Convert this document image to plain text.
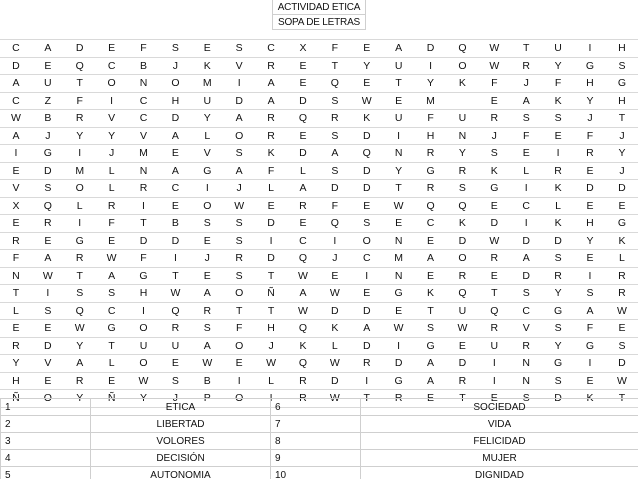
ACTIVIDAD ETICA
SOPA DE LETRAS
C	A	D	E	F	S	E	S	C	X	F	E	A	D	Q	W	T	U	I	H
D	E	Q	C	B	J	K	V	R	E	T	Y	U	I	O	W	R	Y	G	S
A	U	T	O	N	O	M	I	A	E	Q	E	T	Y	K	F	J	F	H	G
C	Z	F	I	C	H	U	D	A	D	S	W	E	M		E	A	K	Y	H
W	B	R	V	C	D	Y	A	R	Q	R	K	U	F	U	R	S	S	J	T
A	J	Y	Y	V	A	L	O	R	E	S	D	I	H	N	J	F	E	F	J
I	G	I	J	M	E	V	S	K	D	A	Q	N	R	Y	S	E	I	R	Y
E	D	M	L	N	A	G	A	F	L	S	D	Y	G	R	K	L	R	E	J
V	S	O	L	R	C	I	J	L	A	D	D	T	R	S	G	I	K	D	D
X	Q	L	R	I	E	O	W	E	R	F	E	W	Q	Q	E	C	L	E	E
E	R	I	F	T	B	S	S	D	E	Q	S	E	C	K	D	I	K	H	G
R	E	G	E	D	D	E	S	I	C	I	O	N	E	D	W	D	D	Y	K
F	A	R	W	F	I	J	R	D	Q	J	C	M	A	O	R	A	S	E	L
N	W	T	A	G	T	E	S	T	W	E	I	N	E	R	E	D	R	I	R
T	I	S	S	H	W	A	O	Ñ	A	W	E	G	K	Q	T	S	Y	S	R
L	S	Q	C	I	Q	R	T	T	W	D	D	E	T	U	Q	C	G	A	W
E	E	W	G	O	R	S	F	H	Q	K	A	W	S	W	R	V	S	F	E
R	D	Y	T	U	U	A	O	J	K	L	D	I	G	E	U	R	Y	G	S
Y	V	A	L	O	E	W	E	W	Q	W	R	D	A	D	I	N	G	I	D
H	E	R	E	W	S	B	I	L	R	D	I	G	A	R	I	N	S	E	W
Ñ	O	Y	Ñ	Y	J	P	O	I	R	W	T	R	E	T	E	S	D	K	T
1	ETICA	6	SOCIEDAD
2	LIBERTAD	7	VIDA
3	VOLORES	8	FELICIDAD
4	DECISIÓN	9	MUJER
5	AUTONOMIA	10	DIGNIDAD
